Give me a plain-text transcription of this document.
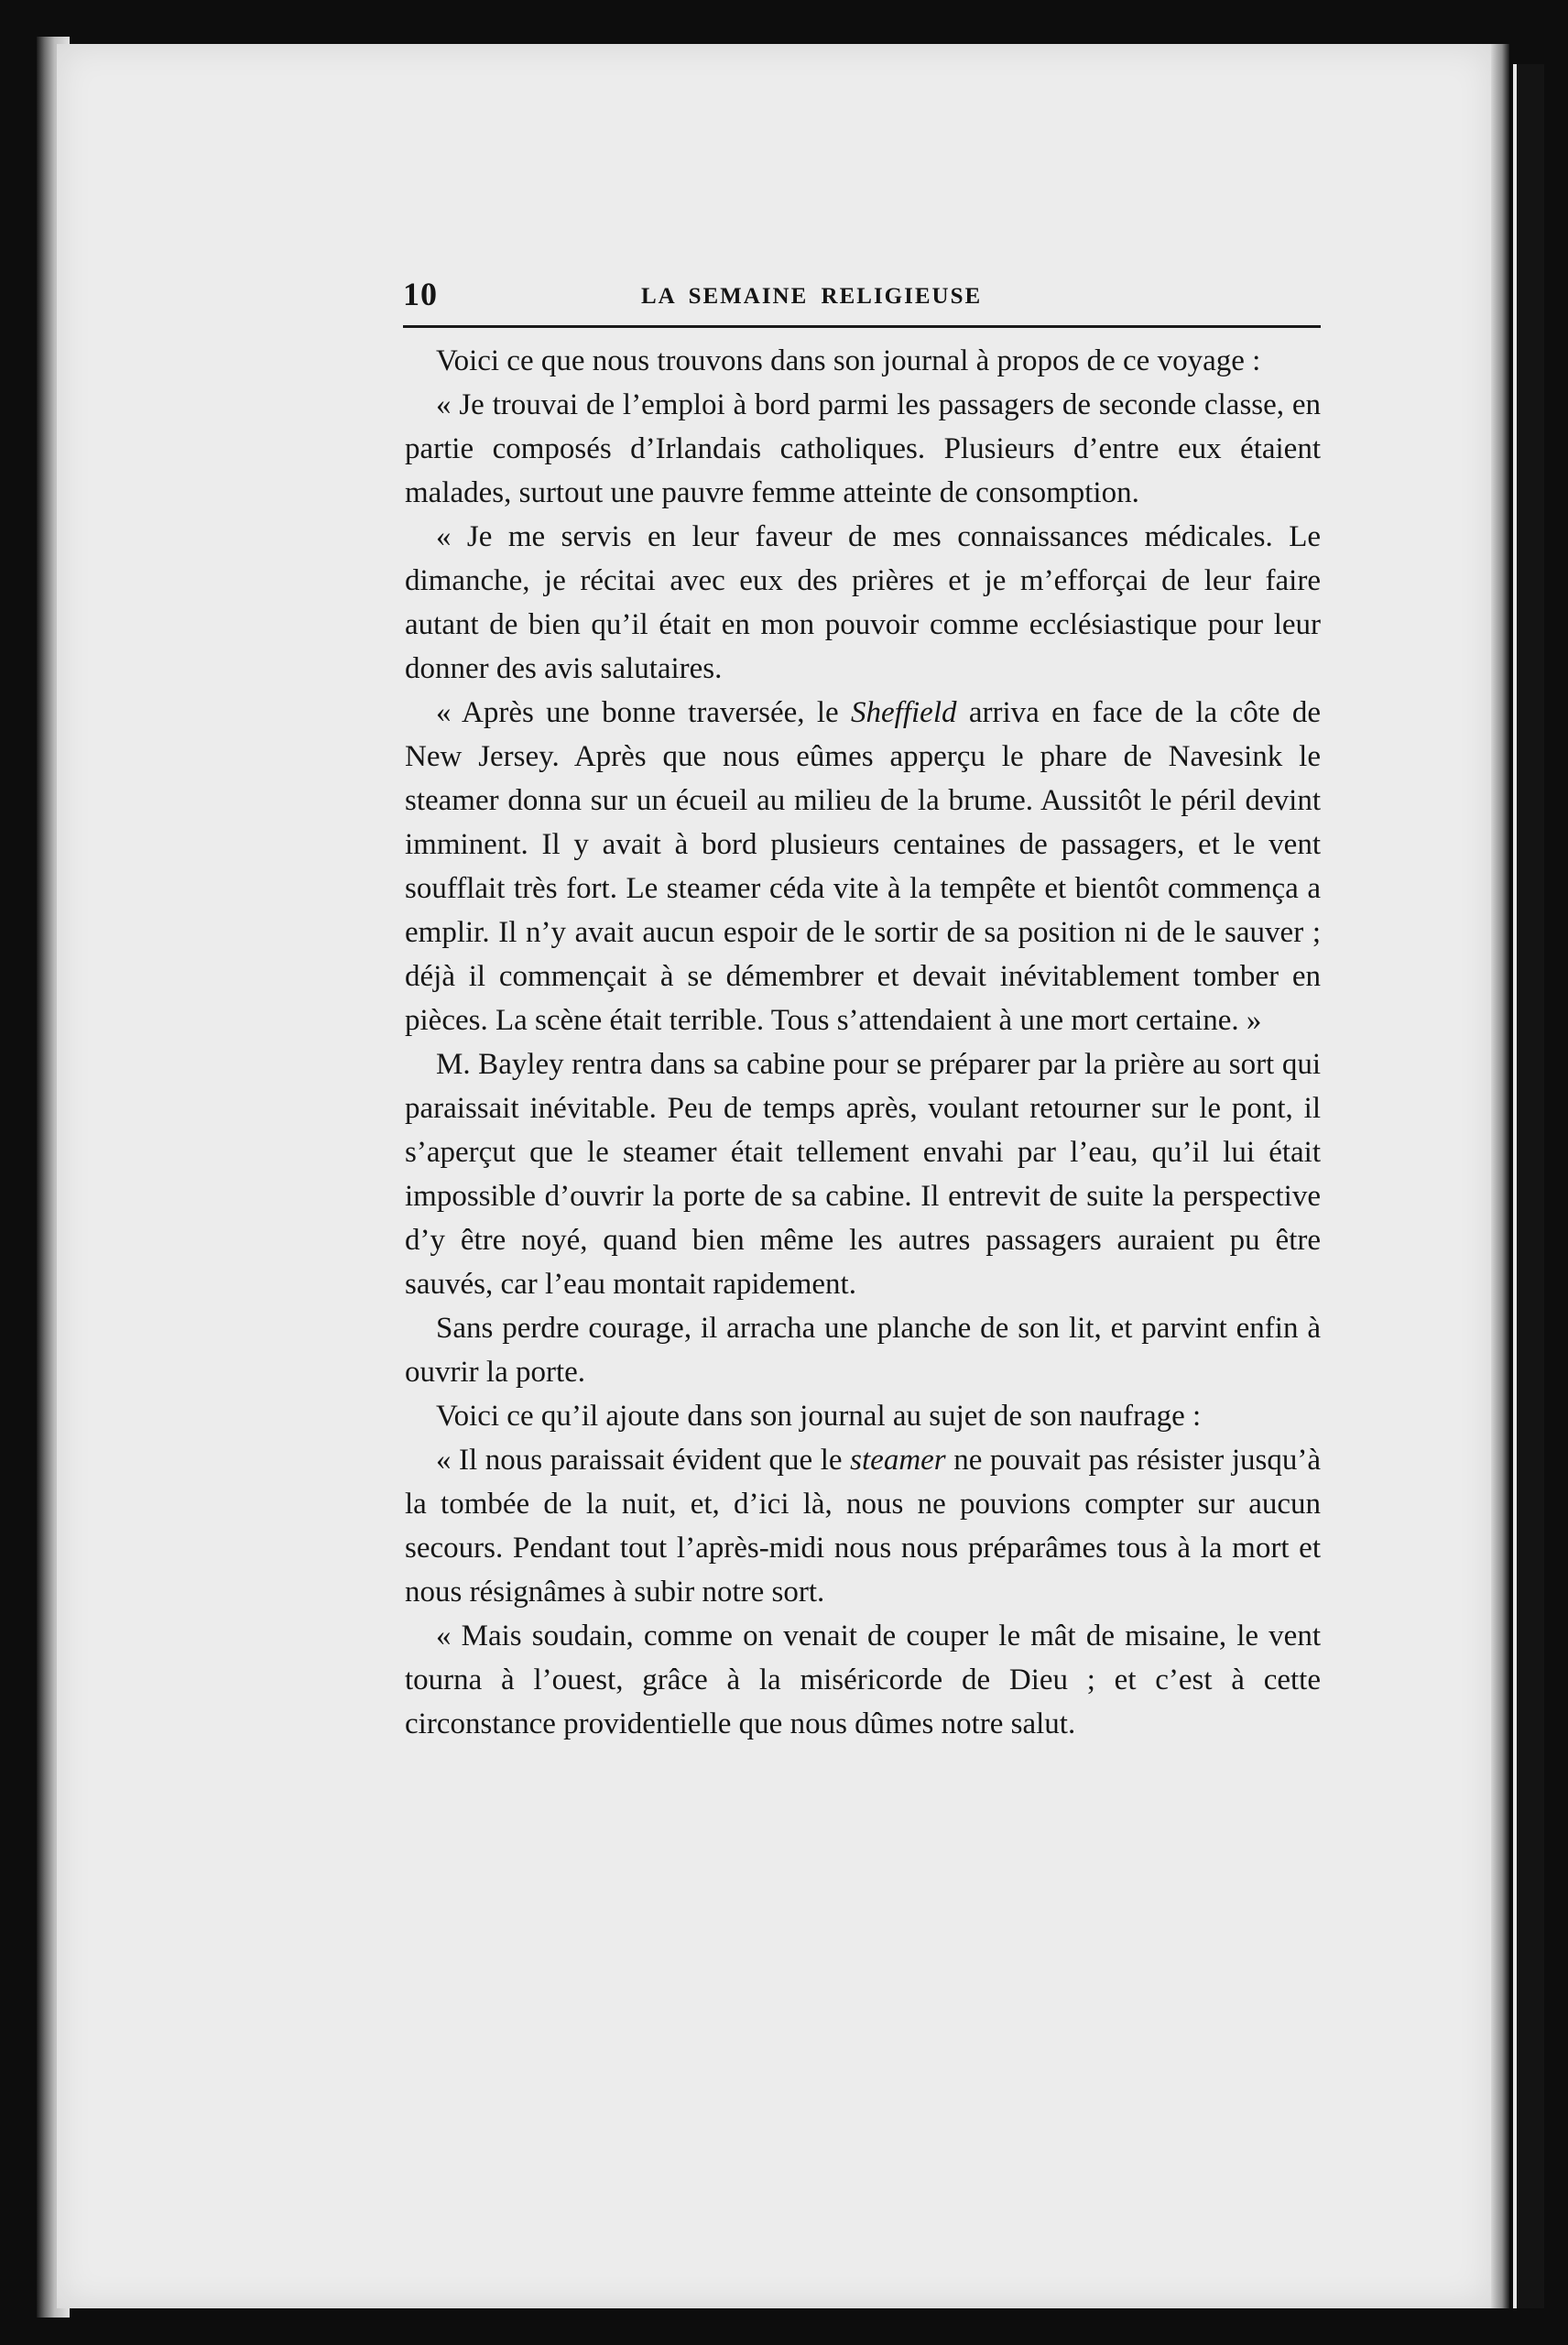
10	LA SEMAINE RELIGIEUSE

Voici ce que nous trouvons dans son journal à propos de ce voyage :

« Je trouvai de l’emploi à bord parmi les passagers de seconde classe, en partie composés d’Irlandais catholiques. Plusieurs d’entre eux étaient malades, surtout une pauvre femme atteinte de consomption.

« Je me servis en leur faveur de mes connaissances médicales. Le dimanche, je récitai avec eux des prières et je m’efforçai de leur faire autant de bien qu’il était en mon pouvoir comme ecclésiastique pour leur donner des avis salutaires.

« Après une bonne traversée, le Sheffield arriva en face de la côte de New Jersey. Après que nous eûmes apperçu le phare de Navesink le steamer donna sur un écueil au milieu de la brume. Aussitôt le péril devint imminent. Il y avait à bord plusieurs centaines de passagers, et le vent soufflait très fort. Le steamer céda vite à la tempête et bientôt commença a emplir. Il n’y avait aucun espoir de le sortir de sa position ni de le sauver ; déjà il commençait à se démembrer et devait inévitablement tomber en pièces. La scène était terrible. Tous s’attendaient à une mort certaine. »

M. Bayley rentra dans sa cabine pour se préparer par la prière au sort qui paraissait inévitable. Peu de temps après, voulant retourner sur le pont, il s’aperçut que le steamer était tellement envahi par l’eau, qu’il lui était impossible d’ouvrir la porte de sa cabine. Il entrevit de suite la perspective d’y être noyé, quand bien même les autres passagers auraient pu être sauvés, car l’eau montait rapidement.

Sans perdre courage, il arracha une planche de son lit, et parvint enfin à ouvrir la porte.

Voici ce qu’il ajoute dans son journal au sujet de son naufrage :

« Il nous paraissait évident que le steamer ne pouvait pas résister jusqu’à la tombée de la nuit, et, d’ici là, nous ne pouvions compter sur aucun secours. Pendant tout l’après-midi nous nous préparâmes tous à la mort et nous résignâmes à subir notre sort.

« Mais soudain, comme on venait de couper le mât de misaine, le vent tourna à l’ouest, grâce à la miséricorde de Dieu ; et c’est à cette circonstance providentielle que nous dûmes notre salut.
